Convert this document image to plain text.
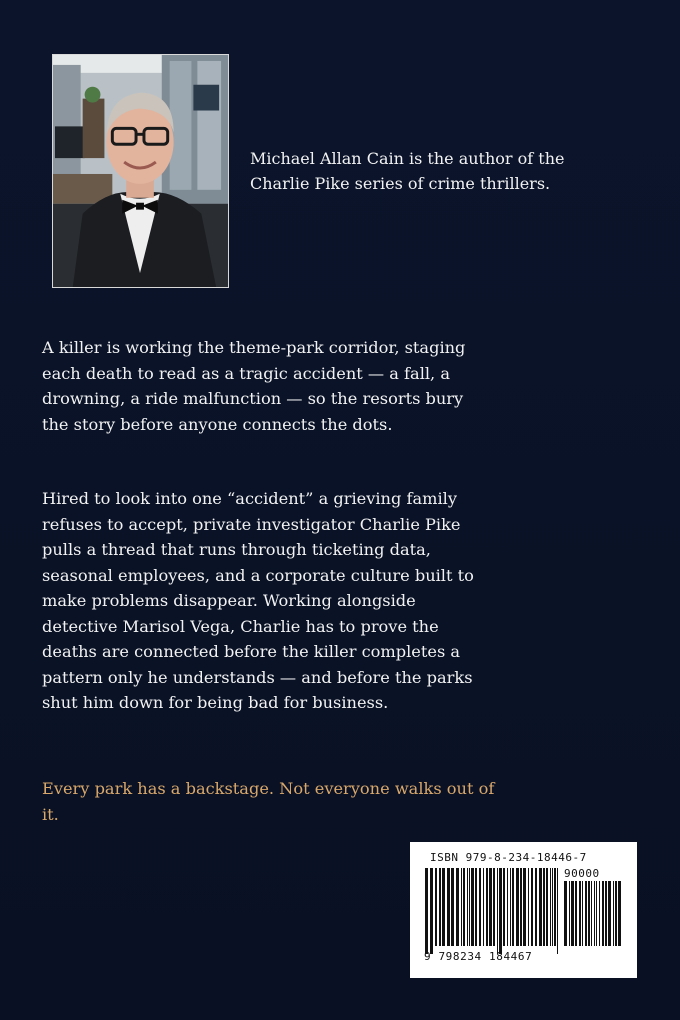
Michael Allan Cain is the author of the Charlie Pike series of crime thrillers.
A killer is working the theme-park corridor, staging each death to read as a tragic accident — a fall, a drowning, a ride malfunction — so the resorts bury the story before anyone connects the dots.
Hired to look into one “accident” a grieving family refuses to accept, private investigator Charlie Pike pulls a thread that runs through ticketing data, seasonal employees, and a corporate culture built to make problems disappear. Working alongside detective Marisol Vega, Charlie has to prove the deaths are connected before the killer completes a pattern only he understands — and before the parks shut him down for being bad for business.
Every park has a backstage. Not everyone walks out of it.
ISBN 979-8-234-18446-7
90000
9 798234 184467
